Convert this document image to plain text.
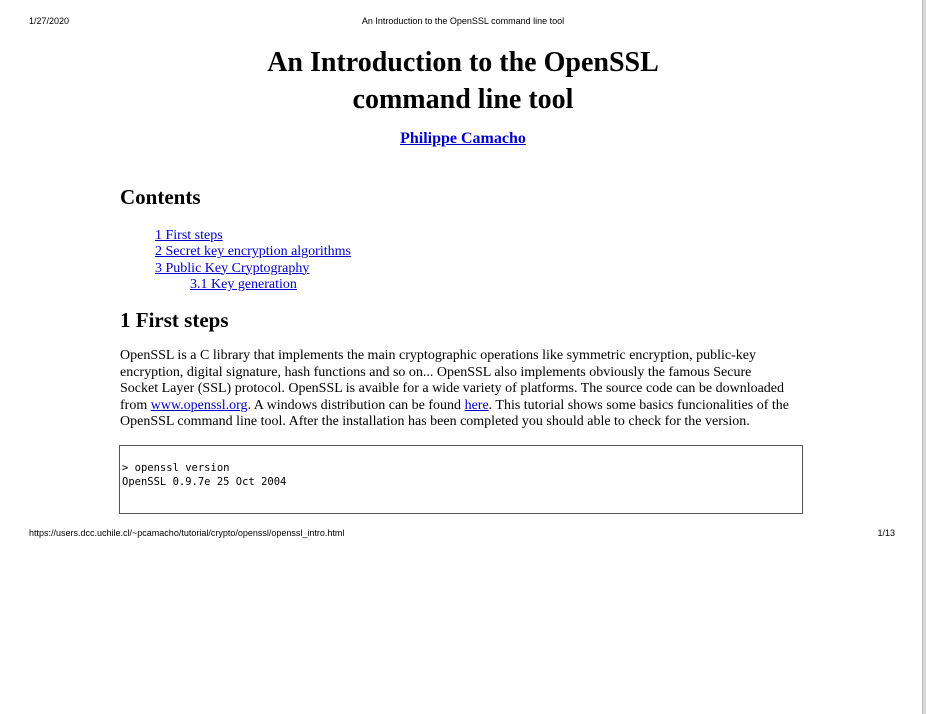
1/27/2020	An Introduction to the OpenSSL command line tool
An Introduction to the OpenSSL
command line tool
Philippe Camacho
Contents
1 First steps
2 Secret key encryption algorithms
3 Public Key Cryptography
3.1 Key generation
1 First steps
OpenSSL is a C library that implements the main cryptographic operations like symmetric encryption, public-key
encryption, digital signature, hash functions and so on... OpenSSL also implements obviously the famous Secure
Socket Layer (SSL) protocol. OpenSSL is avaible for a wide variety of platforms. The source code can be downloaded
from www.openssl.org. A windows distribution can be found here. This tutorial shows some basics funcionalities of the
OpenSSL command line tool. After the installation has been completed you should able to check for the version.
> openssl version
OpenSSL 0.9.7e 25 Oct 2004
https://users.dcc.uchile.cl/~pcamacho/tutorial/crypto/openssl/openssl_intro.html	1/13
